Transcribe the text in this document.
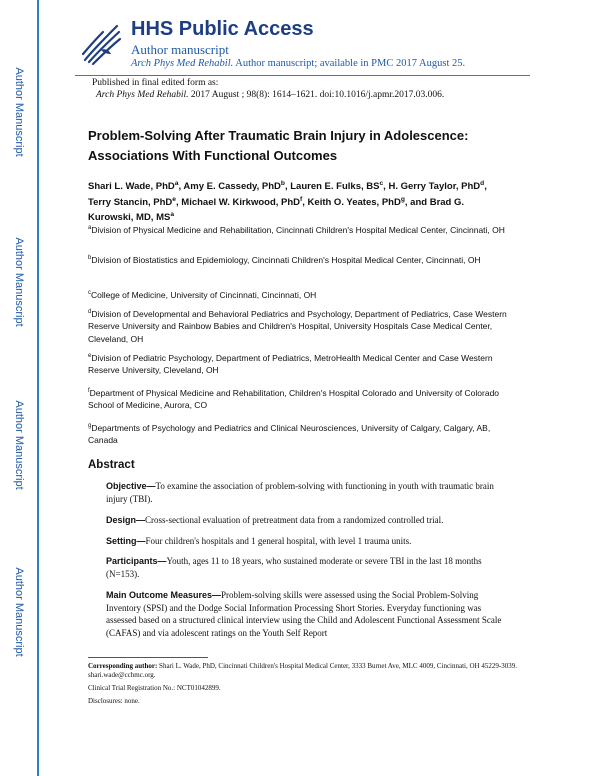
Author Manuscript
Author Manuscript
Author Manuscript
Author Manuscript
HHS Public Access
Author manuscript
Arch Phys Med Rehabil. Author manuscript; available in PMC 2017 August 25.
Published in final edited form as:
Arch Phys Med Rehabil. 2017 August ; 98(8): 1614–1621. doi:10.1016/j.apmr.2017.03.006.
Problem-Solving After Traumatic Brain Injury in Adolescence: Associations With Functional Outcomes
Shari L. Wade, PhD$^a$, Amy E. Cassedy, PhD$^b$, Lauren E. Fulks, $BS^c$, H. Gerry Taylor, PhD$^d$, Terry Stancin, PhD$^e$, Michael W. Kirkwood, PhD$^f$, Keith O. Yeates, PhD$^g$, and Brad G. Kurowski, MD, $MS^a$
$^a$Division of Physical Medicine and Rehabilitation, Cincinnati Children's Hospital Medical Center, Cincinnati, OH
$^b$Division of Biostatistics and Epidemiology, Cincinnati Children's Hospital Medical Center, Cincinnati, OH
$^c$College of Medicine, University of Cincinnati, Cincinnati, OH
$^d$Division of Developmental and Behavioral Pediatrics and Psychology, Department of Pediatrics, Case Western Reserve University and Rainbow Babies and Children's Hospital, University Hospitals Case Medical Center, Cleveland, OH
$^e$Division of Pediatric Psychology, Department of Pediatrics, MetroHealth Medical Center and Case Western Reserve University, Cleveland, OH
$^f$Department of Physical Medicine and Rehabilitation, Children's Hospital Colorado and University of Colorado School of Medicine, Aurora, CO
$^g$Departments of Psychology and Pediatrics and Clinical Neurosciences, University of Calgary, Calgary, AB, Canada
Abstract
Objective—To examine the association of problem-solving with functioning in youth with traumatic brain injury (TBI).
Design—Cross-sectional evaluation of pretreatment data from a randomized controlled trial.
Setting—Four children's hospitals and 1 general hospital, with level 1 trauma units.
Participants—Youth, ages 11 to 18 years, who sustained moderate or severe TBI in the last 18 months (N=153).
Main Outcome Measures—Problem-solving skills were assessed using the Social Problem-Solving Inventory (SPSI) and the Dodge Social Information Processing Short Stories. Everyday functioning was assessed based on a structured clinical interview using the Child and Adolescent Functional Assessment Scale (CAFAS) and via adolescent ratings on the Youth Self Report
Corresponding author: Shari L. Wade, PhD, Cincinnati Children's Hospital Medical Center, 3333 Burnet Ave, MLC 4009, Cincinnati, OH 45229-3039. shari.wade@cchmc.org.
Clinical Trial Registration No.: NCT01042899.
Disclosures: none.
